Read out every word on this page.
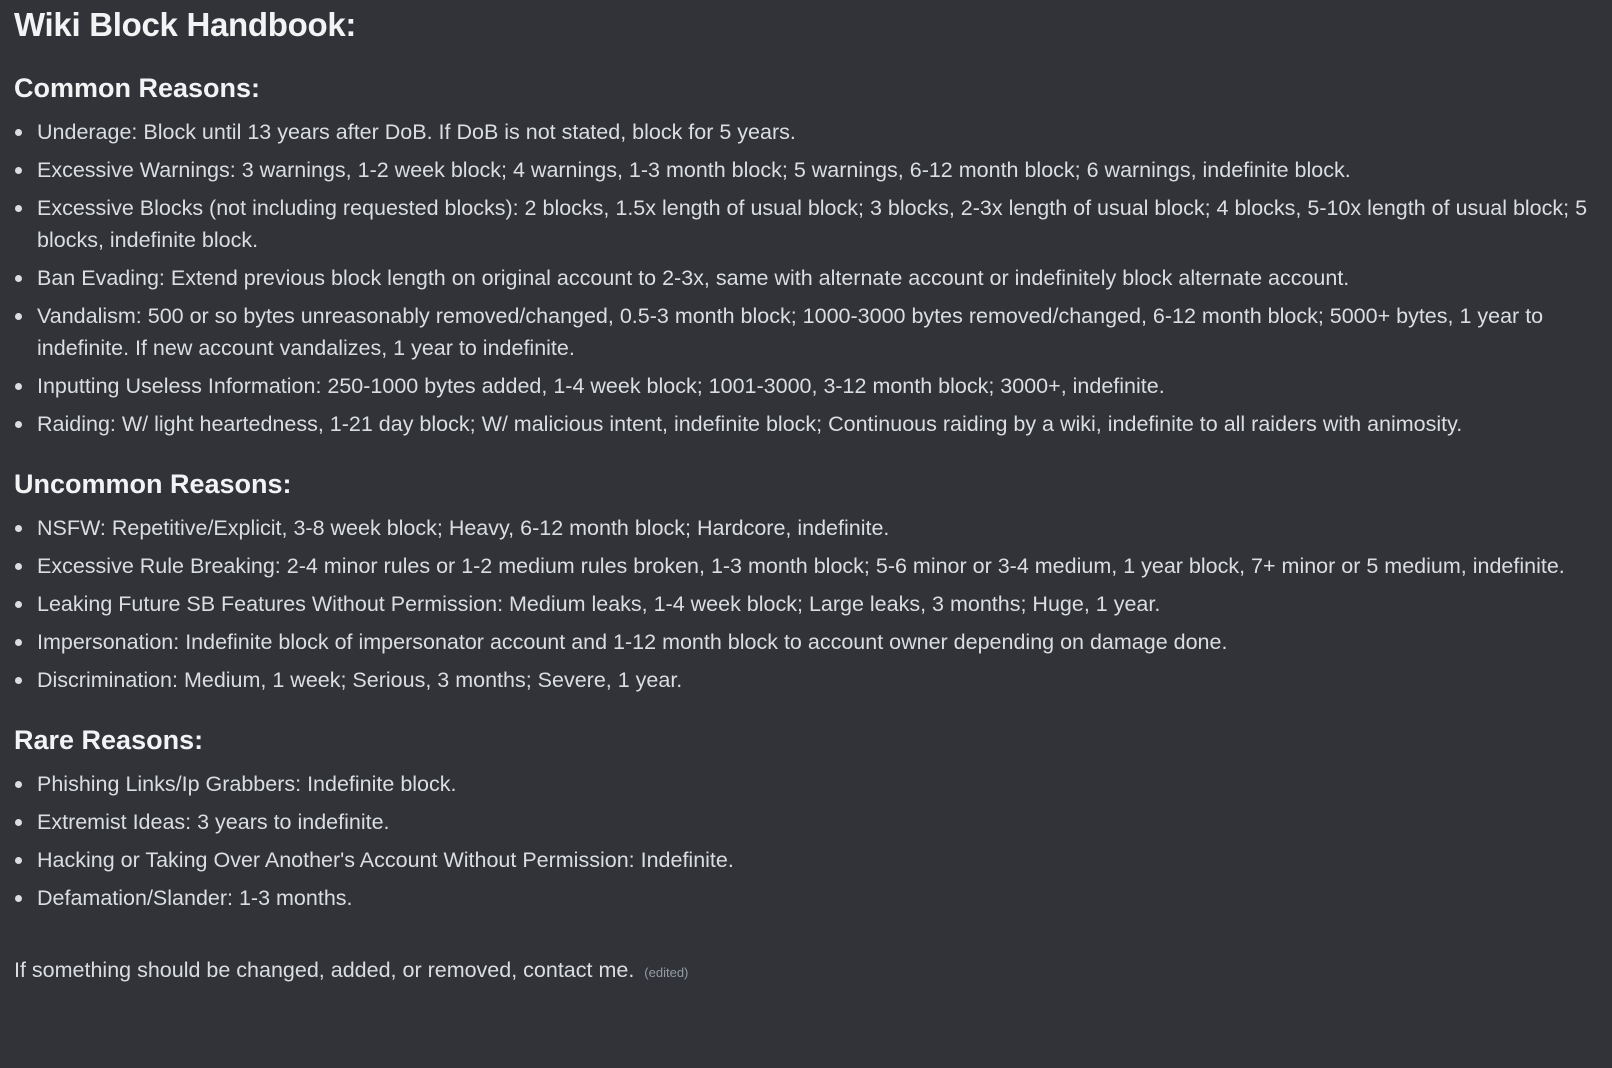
Wiki Block Handbook:
Common Reasons:
Underage: Block until 13 years after DoB. If DoB is not stated, block for 5 years.
Excessive Warnings: 3 warnings, 1-2 week block; 4 warnings, 1-3 month block; 5 warnings, 6-12 month block; 6 warnings, indefinite block.
Excessive Blocks (not including requested blocks): 2 blocks, 1.5x length of usual block; 3 blocks, 2-3x length of usual block; 4 blocks, 5-10x length of usual block; 5 blocks, indefinite block.
Ban Evading: Extend previous block length on original account to 2-3x, same with alternate account or indefinitely block alternate account.
Vandalism: 500 or so bytes unreasonably removed/changed, 0.5-3 month block; 1000-3000 bytes removed/changed, 6-12 month block; 5000+ bytes, 1 year to indefinite. If new account vandalizes, 1 year to indefinite.
Inputting Useless Information: 250-1000 bytes added, 1-4 week block; 1001-3000, 3-12 month block; 3000+, indefinite.
Raiding: W/ light heartedness, 1-21 day block; W/ malicious intent, indefinite block; Continuous raiding by a wiki, indefinite to all raiders with animosity.
Uncommon Reasons:
NSFW: Repetitive/Explicit, 3-8 week block; Heavy, 6-12 month block; Hardcore, indefinite.
Excessive Rule Breaking: 2-4 minor rules or 1-2 medium rules broken, 1-3 month block; 5-6 minor or 3-4 medium, 1 year block, 7+ minor or 5 medium, indefinite.
Leaking Future SB Features Without Permission: Medium leaks, 1-4 week block; Large leaks, 3 months; Huge, 1 year.
Impersonation: Indefinite block of impersonator account and 1-12 month block to account owner depending on damage done.
Discrimination: Medium, 1 week; Serious, 3 months; Severe, 1 year.
Rare Reasons:
Phishing Links/Ip Grabbers: Indefinite block.
Extremist Ideas: 3 years to indefinite.
Hacking or Taking Over Another's Account Without Permission: Indefinite.
Defamation/Slander: 1-3 months.
If something should be changed, added, or removed, contact me. (edited)
